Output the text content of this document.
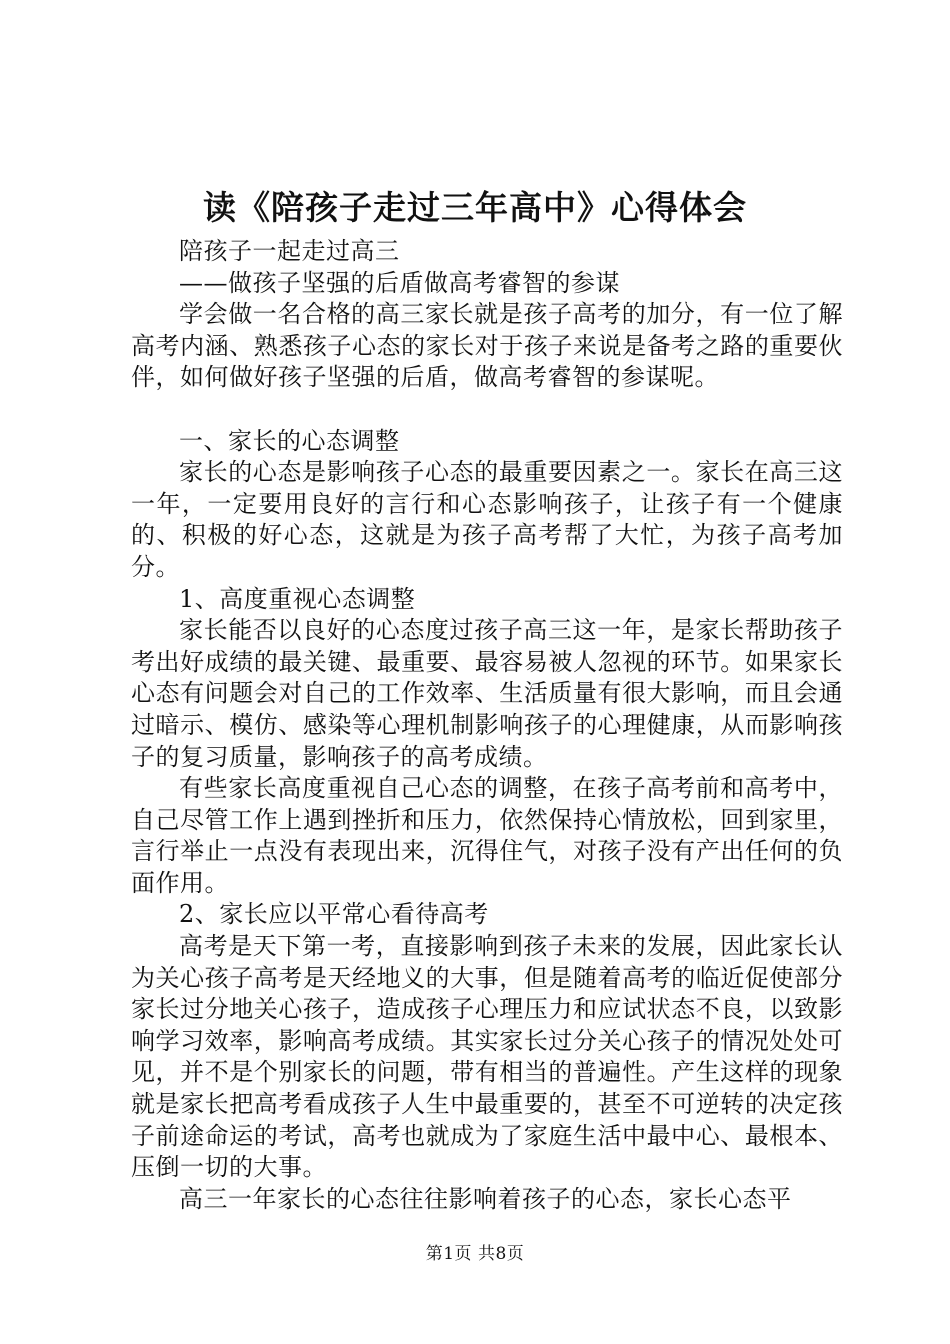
读《陪孩子走过三年高中》心得体会

陪孩子一起走过高三

——做孩子坚强的后盾做高考睿智的参谋

学会做一名合格的高三家长就是孩子高考的加分，有一位了解高考内涵、熟悉孩子心态的家长对于孩子来说是备考之路的重要伙伴，如何做好孩子坚强的后盾，做高考睿智的参谋呢。

一、家长的心态调整

家长的心态是影响孩子心态的最重要因素之一。家长在高三这一年，一定要用良好的言行和心态影响孩子，让孩子有一个健康的、积极的好心态，这就是为孩子高考帮了大忙，为孩子高考加分。

1、高度重视心态调整

家长能否以良好的心态度过孩子高三这一年，是家长帮助孩子考出好成绩的最关键、最重要、最容易被人忽视的环节。如果家长心态有问题会对自己的工作效率、生活质量有很大影响，而且会通过暗示、模仿、感染等心理机制影响孩子的心理健康，从而影响孩子的复习质量，影响孩子的高考成绩。

有些家长高度重视自己心态的调整，在孩子高考前和高考中，自己尽管工作上遇到挫折和压力，依然保持心情放松，回到家里，言行举止一点没有表现出来，沉得住气，对孩子没有产出任何的负面作用。

2、家长应以平常心看待高考

高考是天下第一考，直接影响到孩子未来的发展，因此家长认为关心孩子高考是天经地义的大事，但是随着高考的临近促使部分家长过分地关心孩子，造成孩子心理压力和应试状态不良，以致影响学习效率，影响高考成绩。其实家长过分关心孩子的情况处处可见，并不是个别家长的问题，带有相当的普遍性。产生这样的现象就是家长把高考看成孩子人生中最重要的，甚至不可逆转的决定孩子前途命运的考试，高考也就成为了家庭生活中最中心、最根本、压倒一切的大事。

高三一年家长的心态往往影响着孩子的心态，家长心态平

第1页 共8页
